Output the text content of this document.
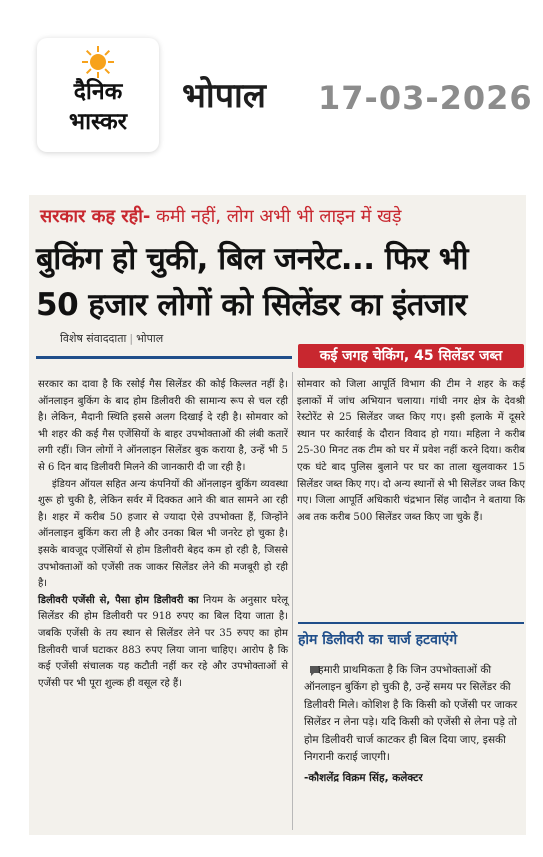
दैनिक
भास्कर
भोपाल 17-03-2026
सरकार कह रही- कमी नहीं, लोग अभी भी लाइन में खड़े
बुकिंग हो चुकी, बिल जनरेट... फिर भी
50 हजार लोगों को सिलेंडर का इंतजार
विशेष संवाददाता | भोपाल
कई जगह चेकिंग, 45 सिलेंडर जब्त

सरकार का दावा है कि रसोई गैस सिलेंडर की कोई किल्लत नहीं है। ऑनलाइन बुकिंग के बाद होम डिलीवरी की सामान्य रूप से चल रही है। लेकिन, मैदानी स्थिति इससे अलग दिखाई दे रही है। सोमवार को भी शहर की कई गैस एजेंसियों के बाहर उपभोक्ताओं की लंबी कतारें लगी रहीं। जिन लोगों ने ऑनलाइन सिलेंडर बुक कराया है, उन्हें भी 5 से 6 दिन बाद डिलीवरी मिलने की जानकारी दी जा रही है।

इंडियन ऑयल सहित अन्य कंपनियों की ऑनलाइन बुकिंग व्यवस्था शुरू हो चुकी है, लेकिन सर्वर में दिक्कत आने की बात सामने आ रही है। शहर में करीब 50 हजार से ज्यादा ऐसे उपभोक्ता हैं, जिन्होंने ऑनलाइन बुकिंग करा ली है और उनका बिल भी जनरेट हो चुका है। इसके बावजूद एजेंसियों से होम डिलीवरी बेहद कम हो रही है, जिससे उपभोक्ताओं को एजेंसी तक जाकर सिलेंडर लेने की मजबूरी हो रही है।

डिलीवरी एजेंसी से, पैसा होम डिलीवरी का नियम के अनुसार घरेलू सिलेंडर की होम डिलीवरी पर 918 रुपए का बिल दिया जाता है। जबकि एजेंसी के तय स्थान से सिलेंडर लेने पर 35 रुपए का होम डिलीवरी चार्ज घटाकर 883 रुपए लिया जाना चाहिए। आरोप है कि कई एजेंसी संचालक यह कटौती नहीं कर रहे और उपभोक्ताओं से एजेंसी पर भी पूरा शुल्क ही वसूल रहे हैं।

सोमवार को जिला आपूर्ति विभाग की टीम ने शहर के कई इलाकों में जांच अभियान चलाया। गांधी नगर क्षेत्र के देवश्री रेस्टोरेंट से 25 सिलेंडर जब्त किए गए। इसी इलाके में दूसरे स्थान पर कार्रवाई के दौरान विवाद हो गया। महिला ने करीब 25-30 मिनट तक टीम को घर में प्रवेश नहीं करने दिया। करीब एक घंटे बाद पुलिस बुलाने पर घर का ताला खुलवाकर 15 सिलेंडर जब्त किए गए। दो अन्य स्थानों से भी सिलेंडर जब्त किए गए। जिला आपूर्ति अधिकारी चंद्रभान सिंह जादौन ने बताया कि अब तक करीब 500 सिलेंडर जब्त किए जा चुके हैं।

होम डिलीवरी का चार्ज हटवाएंगे

हमारी प्राथमिकता है कि जिन उपभोक्ताओं की ऑनलाइन बुकिंग हो चुकी है, उन्हें समय पर सिलेंडर की डिलीवरी मिले। कोशिश है कि किसी को एजेंसी पर जाकर सिलेंडर न लेना पड़े। यदि किसी को एजेंसी से लेना पड़े तो होम डिलीवरी चार्ज काटकर ही बिल दिया जाए, इसकी निगरानी कराई जाएगी।

-कौशलेंद्र विक्रम सिंह, कलेक्टर
